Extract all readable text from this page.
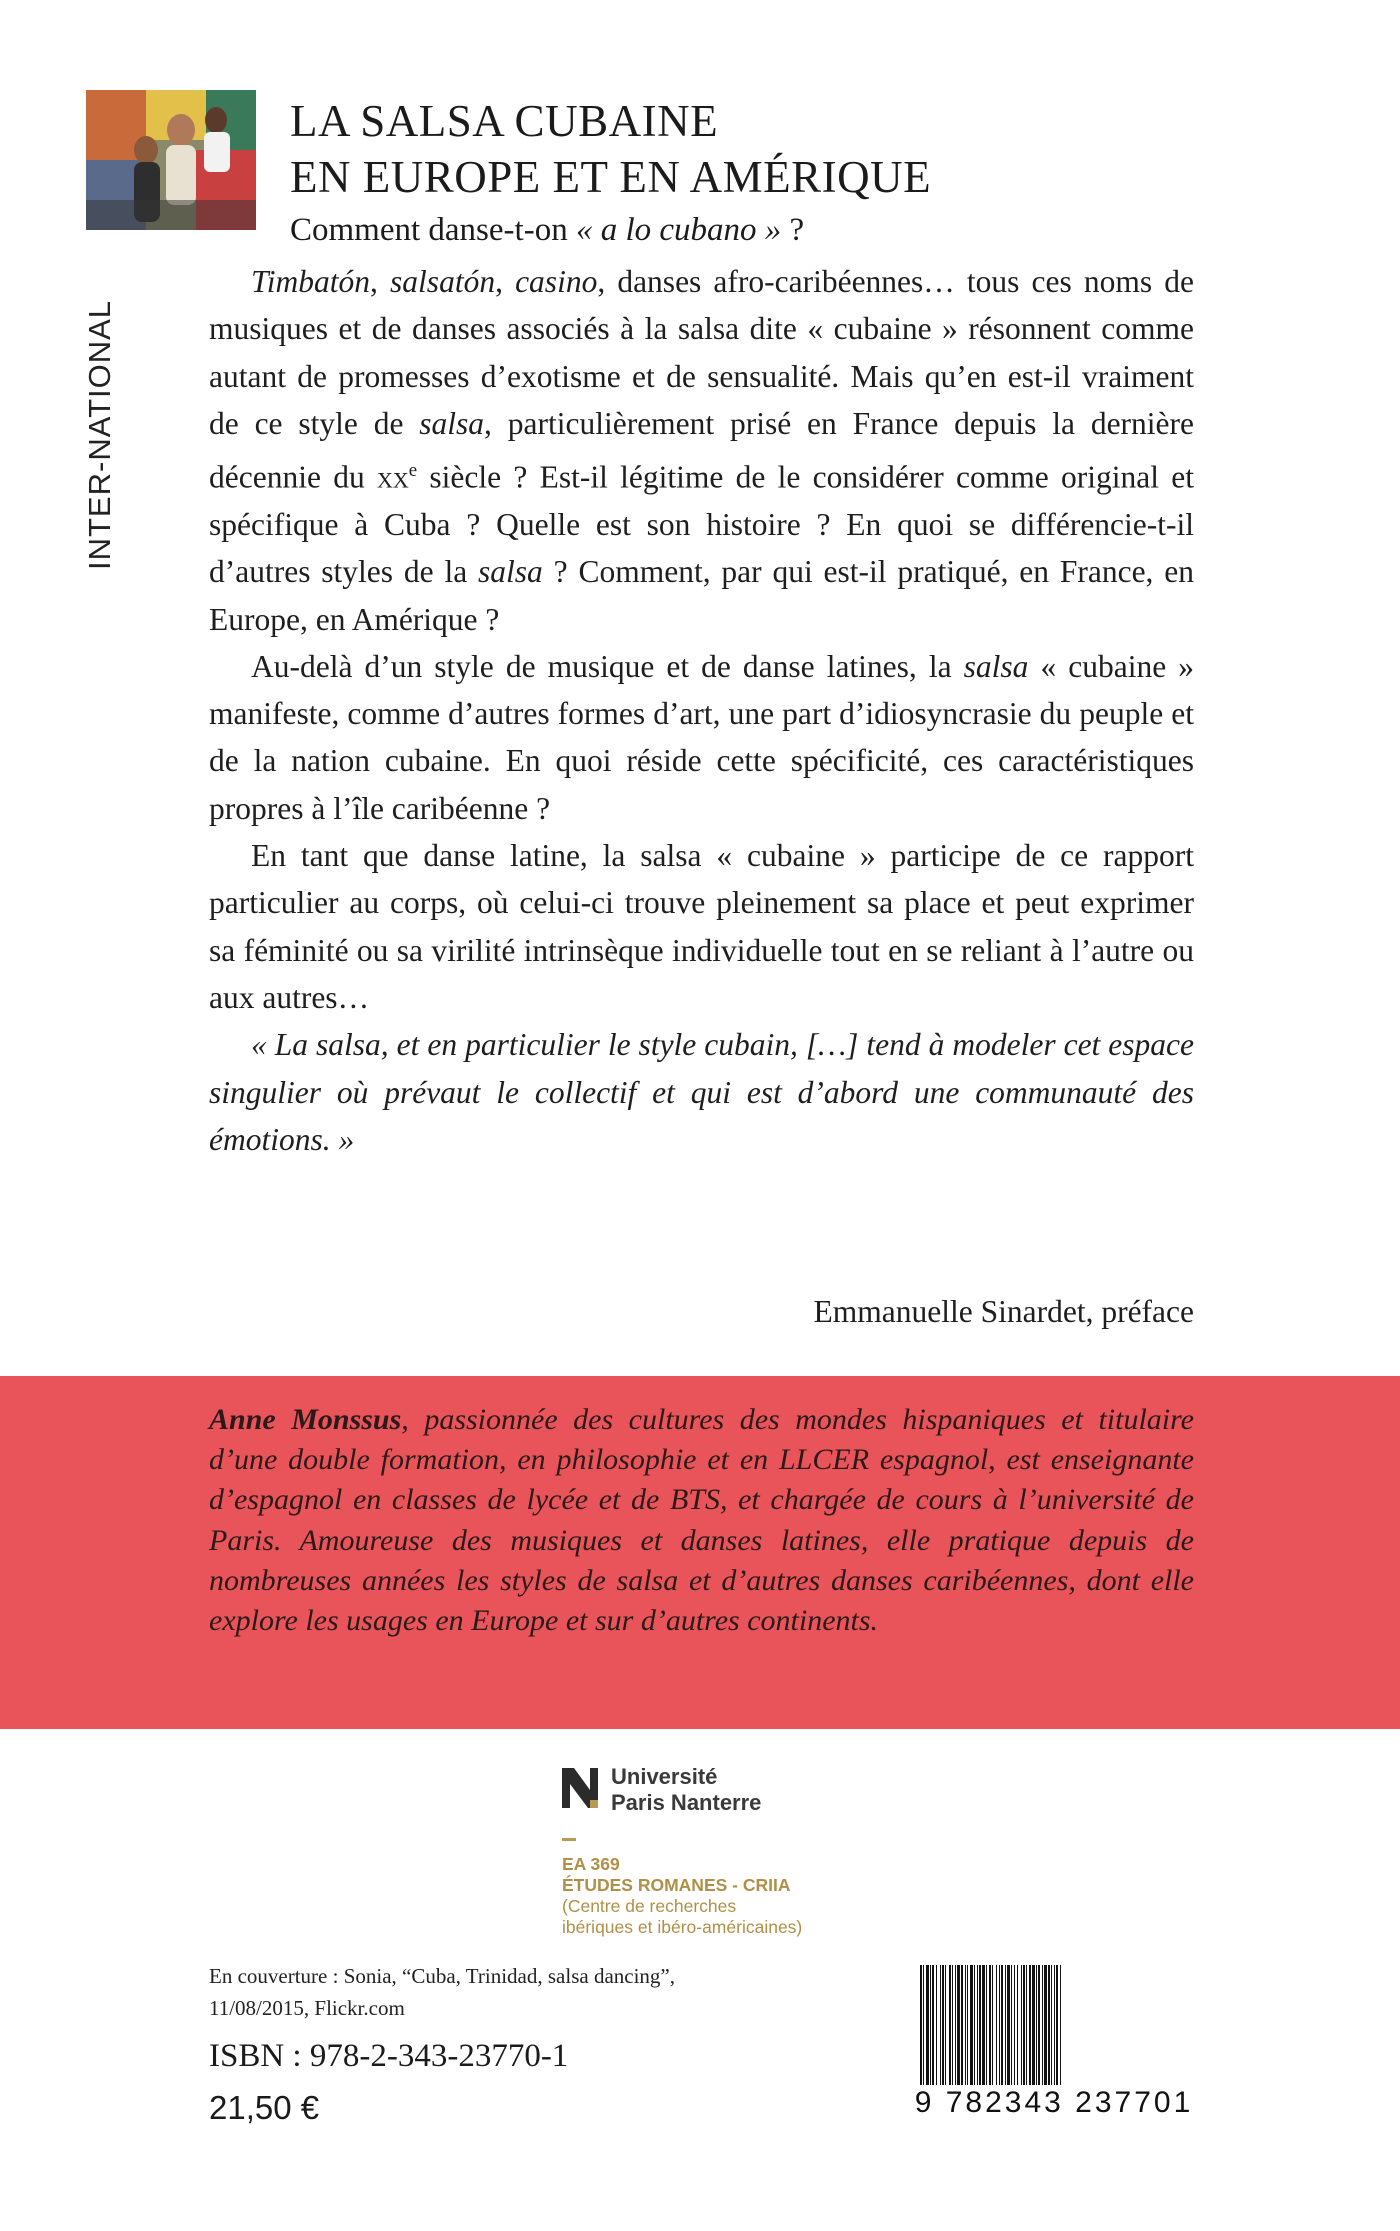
INTER-NATIONAL
LA SALSA CUBAINE
EN EUROPE ET EN AMÉRIQUE
Comment danse-t-on « a lo cubano » ?

Timbatón, salsatón, casino, danses afro-caribéennes… tous ces noms de musiques et de danses associés à la salsa dite « cubaine » résonnent comme autant de promesses d’exotisme et de sensualité. Mais qu’en est-il vraiment de ce style de salsa, particulièrement prisé en France depuis la dernière décennie du $xx^e$ siècle ? Est-il légitime de le considérer comme original et spécifique à Cuba ? Quelle est son histoire ? En quoi se différencie-t-il d’autres styles de la salsa ? Comment, par qui est-il pratiqué, en France, en Europe, en Amérique ?

Au-delà d’un style de musique et de danse latines, la salsa « cubaine » manifeste, comme d’autres formes d’art, une part d’idiosyncrasie du peuple et de la nation cubaine. En quoi réside cette spécificité, ces caractéristiques propres à l’île caribéenne ?

En tant que danse latine, la salsa « cubaine » participe de ce rapport particulier au corps, où celui-ci trouve pleinement sa place et peut exprimer sa féminité ou sa virilité intrinsèque individuelle tout en se reliant à l’autre ou aux autres…

« La salsa, et en particulier le style cubain, […] tend à modeler cet espace singulier où prévaut le collectif et qui est d’abord une communauté des émotions. »

Emmanuelle Sinardet, préface

Anne Monssus, passionnée des cultures des mondes hispaniques et titulaire d’une double formation, en philosophie et en LLCER espagnol, est enseignante d’espagnol en classes de lycée et de BTS, et chargée de cours à l’université de Paris. Amoureuse des musiques et danses latines, elle pratique depuis de nombreuses années les styles de salsa et d’autres danses caribéennes, dont elle explore les usages en Europe et sur d’autres continents.

Université
Paris Nanterre
EA 369
ÉTUDES ROMANES - CRIIA
(Centre de recherches
ibériques et ibéro-américaines)
En couverture : Sonia, “Cuba, Trinidad, salsa dancing”,
11/08/2015, Flickr.com
ISBN : 978-2-343-23770-1
21,50 €	9 782343 237701
